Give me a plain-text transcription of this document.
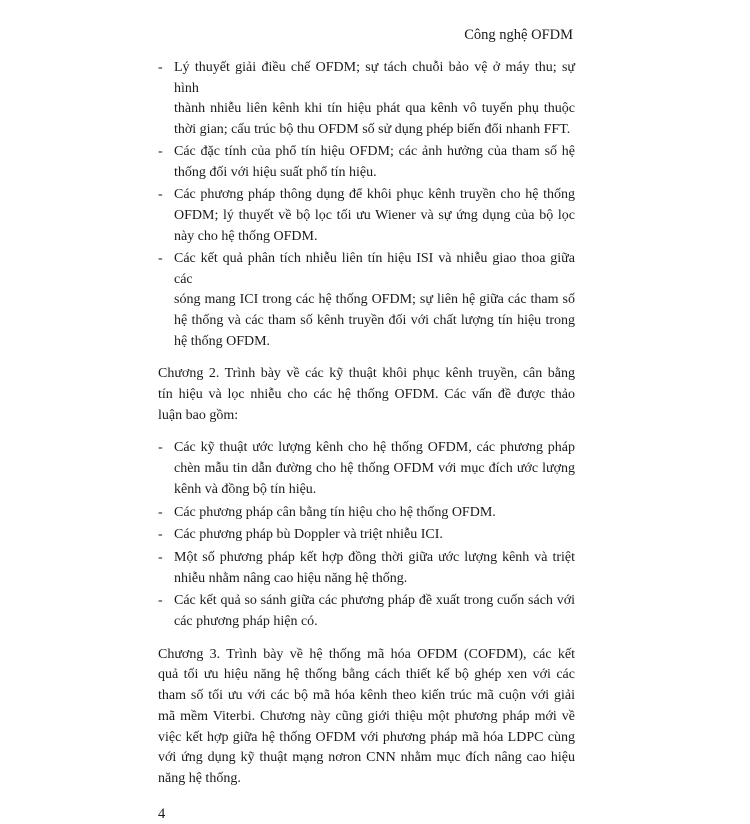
Công nghệ OFDM
- Lý thuyết giải điều chế OFDM; sự tách chuỗi bảo vệ ở máy thu; sự hình
thành nhiễu liên kênh khi tín hiệu phát qua kênh vô tuyến phụ thuộc
thời gian; cấu trúc bộ thu OFDM số sử dụng phép biến đổi nhanh FFT.
- Các đặc tính của phổ tín hiệu OFDM; các ảnh hưởng của tham số hệ
thống đối với hiệu suất phổ tín hiệu.
- Các phương pháp thông dụng để khôi phục kênh truyền cho hệ thống
OFDM; lý thuyết về bộ lọc tối ưu Wiener và sự ứng dụng của bộ lọc
này cho hệ thống OFDM.
- Các kết quả phân tích nhiễu liên tín hiệu ISI và nhiễu giao thoa giữa các
sóng mang ICI trong các hệ thống OFDM; sự liên hệ giữa các tham số
hệ thống và các tham số kênh truyền đối với chất lượng tín hiệu trong
hệ thống OFDM.
Chương 2. Trình bày về các kỹ thuật khôi phục kênh truyền, cân bằng
tín hiệu và lọc nhiễu cho các hệ thống OFDM. Các vấn đề được thảo
luận bao gồm:
- Các kỹ thuật ước lượng kênh cho hệ thống OFDM, các phương pháp
chèn mẫu tin dẫn đường cho hệ thống OFDM với mục đích ước lượng
kênh và đồng bộ tín hiệu.
- Các phương pháp cân bằng tín hiệu cho hệ thống OFDM.
- Các phương pháp bù Doppler và triệt nhiễu ICI.
- Một số phương pháp kết hợp đồng thời giữa ước lượng kênh và triệt
nhiễu nhằm nâng cao hiệu năng hệ thống.
- Các kết quả so sánh giữa các phương pháp đề xuất trong cuốn sách với
các phương pháp hiện có.
Chương 3. Trình bày về hệ thống mã hóa OFDM (COFDM), các kết
quả tối ưu hiệu năng hệ thống bằng cách thiết kế bộ ghép xen với các
tham số tối ưu với các bộ mã hóa kênh theo kiến trúc mã cuộn với giải
mã mềm Viterbi. Chương này cũng giới thiệu một phương pháp mới về
việc kết hợp giữa hệ thống OFDM với phương pháp mã hóa LDPC cùng
với ứng dụng kỹ thuật mạng nơron CNN nhằm mục đích nâng cao hiệu
năng hệ thống.
4
